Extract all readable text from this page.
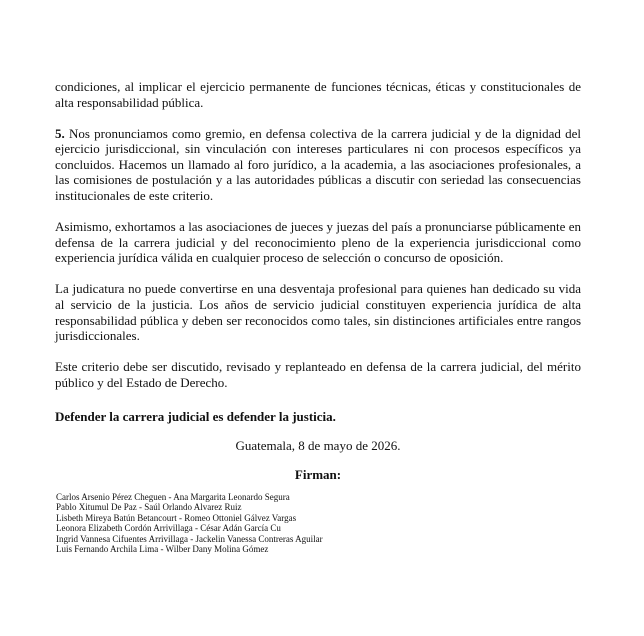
condiciones, al implicar el ejercicio permanente de funciones técnicas, éticas y constitucionales de alta responsabilidad pública.

5. Nos pronunciamos como gremio, en defensa colectiva de la carrera judicial y de la dignidad del ejercicio jurisdiccional, sin vinculación con intereses particulares ni con procesos específicos ya concluidos. Hacemos un llamado al foro jurídico, a la academia, a las asociaciones profesionales, a las comisiones de postulación y a las autoridades públicas a discutir con seriedad las consecuencias institucionales de este criterio.

Asimismo, exhortamos a las asociaciones de jueces y juezas del país a pronunciarse públicamente en defensa de la carrera judicial y del reconocimiento pleno de la experiencia jurisdiccional como experiencia jurídica válida en cualquier proceso de selección o concurso de oposición.

La judicatura no puede convertirse en una desventaja profesional para quienes han dedicado su vida al servicio de la justicia. Los años de servicio judicial constituyen experiencia jurídica de alta responsabilidad pública y deben ser reconocidos como tales, sin distinciones artificiales entre rangos jurisdiccionales.

Este criterio debe ser discutido, revisado y replanteado en defensa de la carrera judicial, del mérito público y del Estado de Derecho.

Defender la carrera judicial es defender la justicia.
Guatemala, 8 de mayo de 2026.
Firman:
Carlos Arsenio Pérez Cheguen - Ana Margarita Leonardo Segura
Pablo Xitumul De Paz - Saúl Orlando Alvarez Ruiz
Lisbeth Mireya Batún Betancourt - Romeo Ottoniel Gálvez Vargas
Leonora Elizabeth Cordón Arrivillaga - César Adán García Cu
Ingrid Vannesa Cifuentes Arrivillaga - Jackelin Vanessa Contreras Aguilar
Luis Fernando Archila Lima - Wilber Dany Molina Gómez
